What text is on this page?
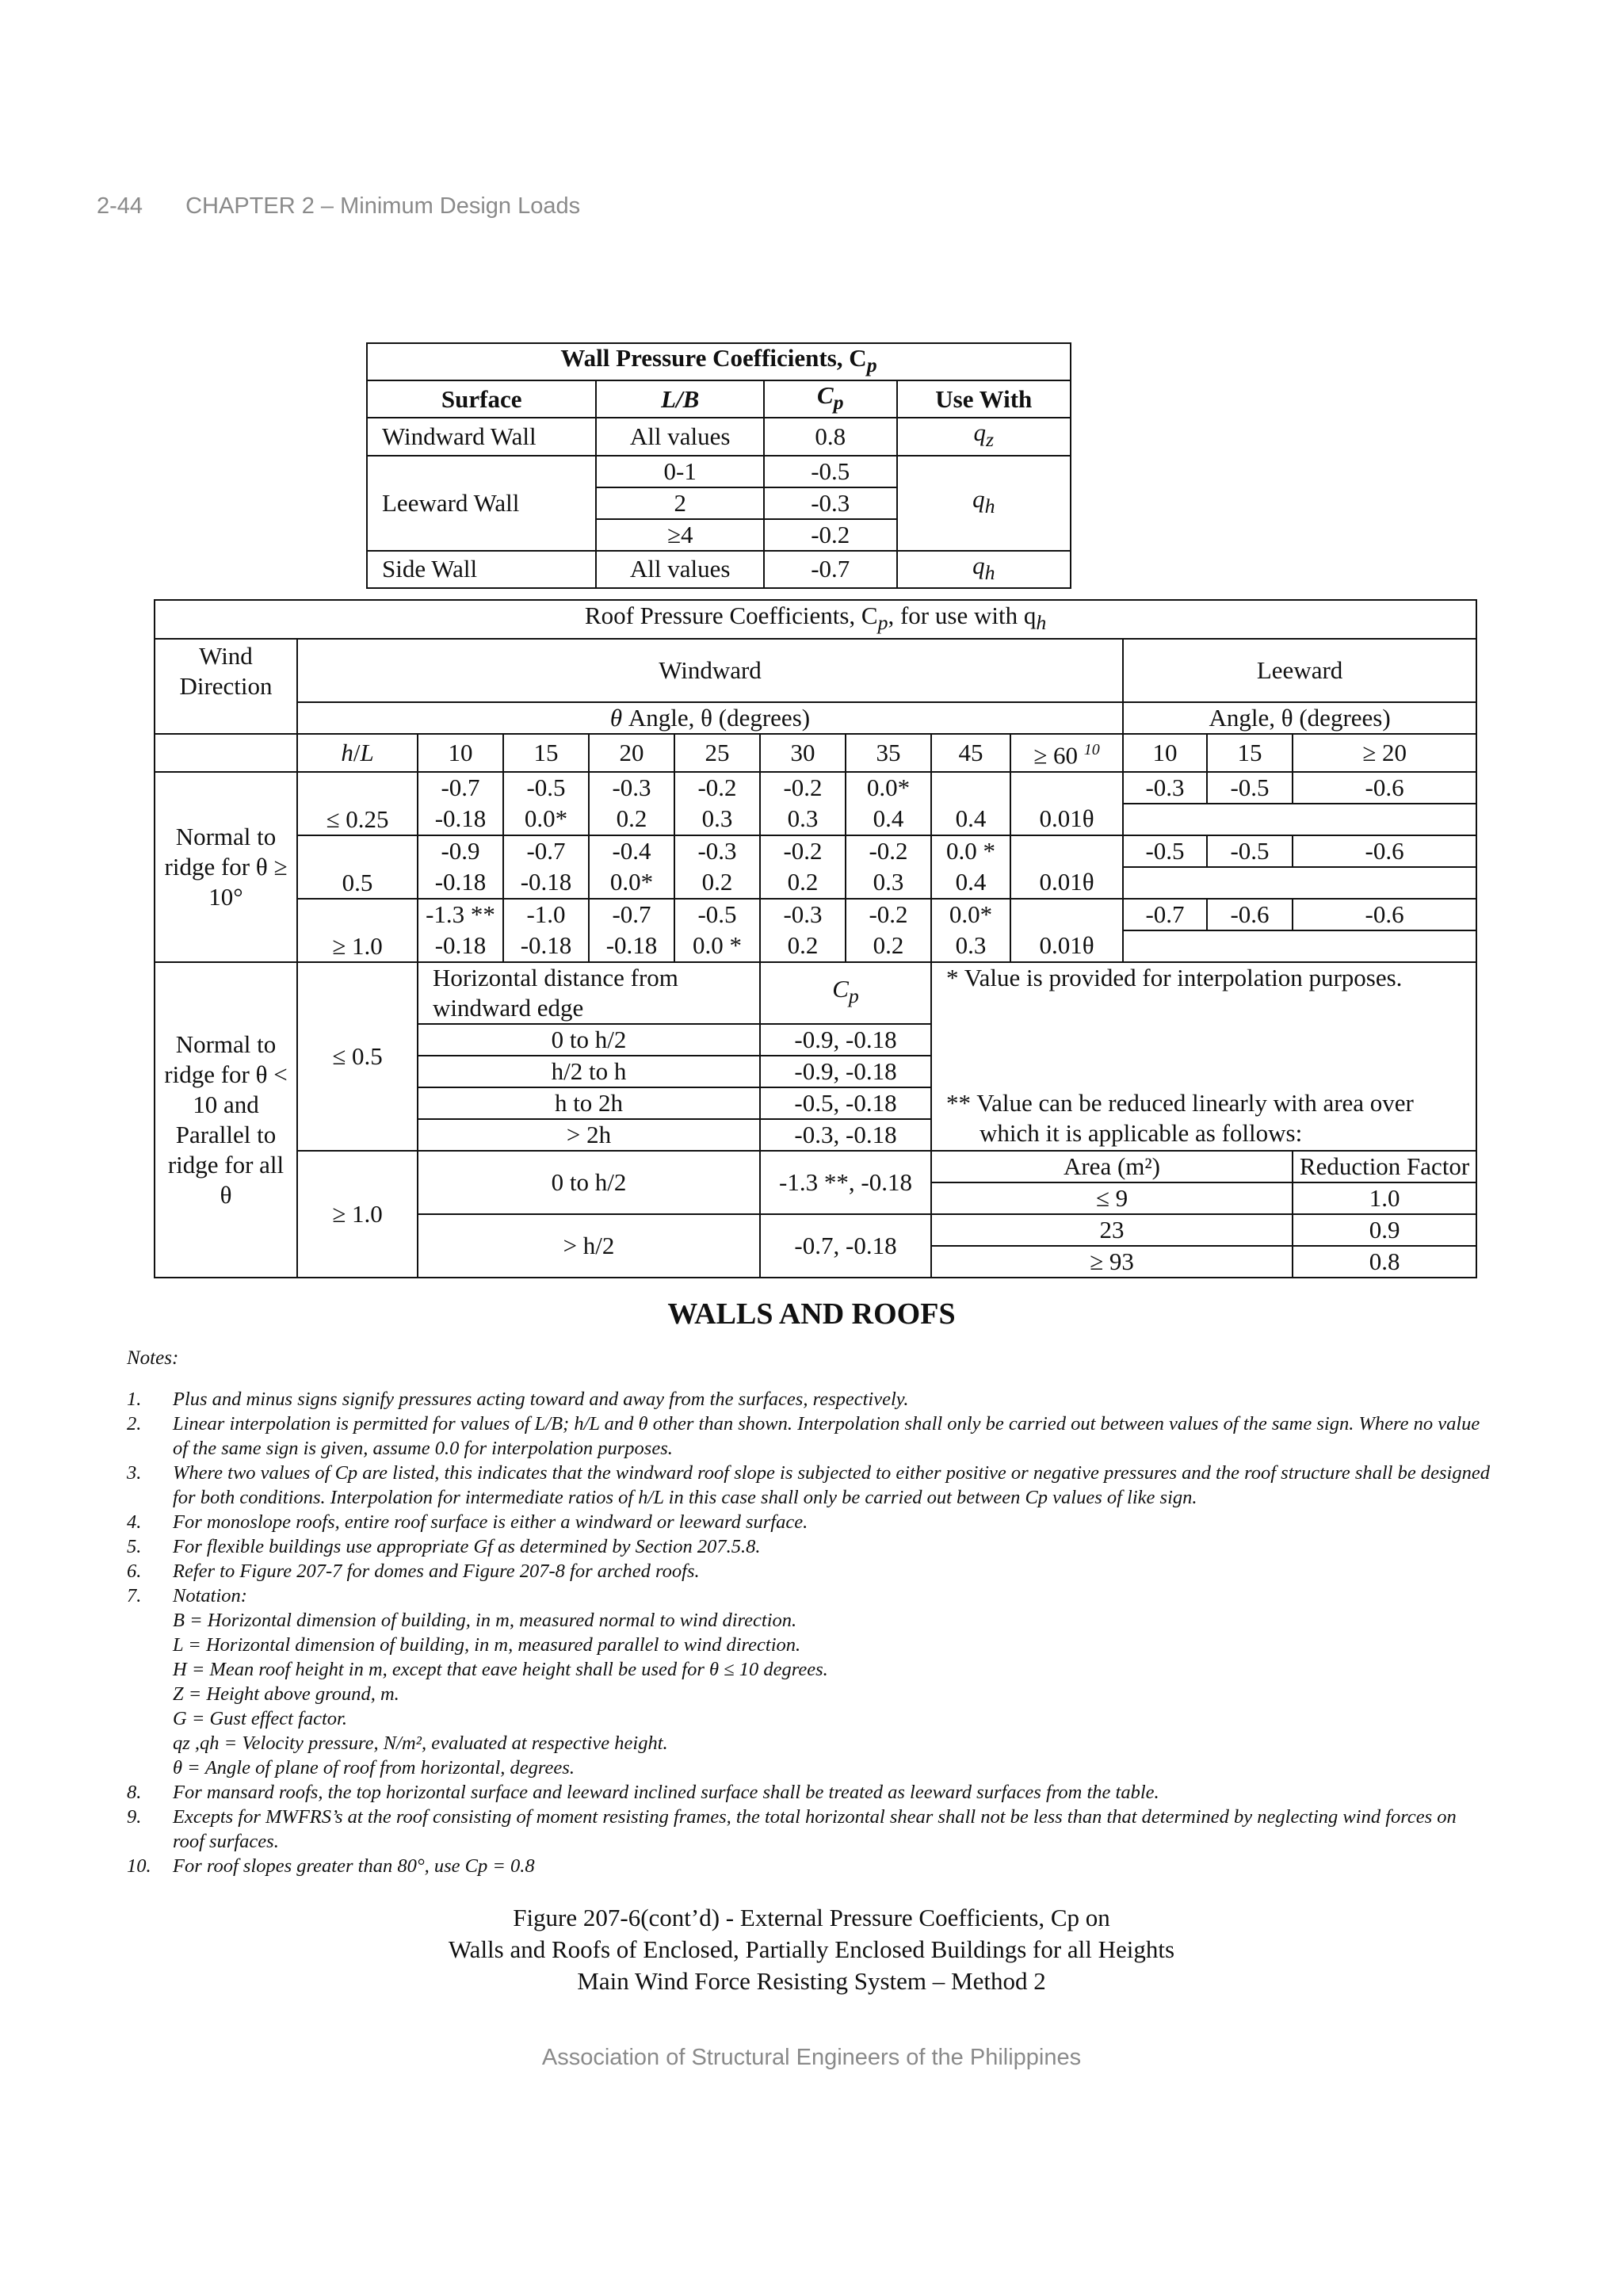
2-44 CHAPTER 2 – Minimum Design Loads
Wall Pressure Coefficients, $C_p$
Surface	L/B	$C_p$	Use With
Windward Wall	All values	0.8	$q_z$
Leeward Wall	0-1	-0.5	$q_h$
	2	-0.3	
	≥4	-0.2	
Side Wall	All values	-0.7	$q_h$
Roof Pressure Coefficients, $C_p$, for use with $q_h$
Wind Direction	Windward									Leeward		

	θ Angle, θ (degrees)									Angle, θ (degrees)		
	h/L	10	15	20	25	30	35	45	≥ 60 $^{10}$	10	15	≥ 20
Normal to ridge for θ ≥ 10°	≤ 0.25	-0.7	-0.5	-0.3	-0.2	-0.2	0.0*			-0.3	-0.5	-0.6
		-0.18	0.0*	0.2	0.3	0.3	0.4	0.4	0.01θ			
	0.5	-0.9	-0.7	-0.4	-0.3	-0.2	-0.2	0.0 *		-0.5	-0.5	-0.6
		-0.18	-0.18	0.0*	0.2	0.2	0.3	0.4	0.01θ			
	≥ 1.0	-1.3 **	-1.0	-0.7	-0.5	-0.3	-0.2	0.0*		-0.7	-0.6	-0.6
		-0.18	-0.18	-0.18	0.0 *	0.2	0.2	0.3	0.01θ			
Normal to ridge for θ < 10 and Parallel to ridge for all θ	≤ 0.5	Horizontal distance from windward edge				$C_p$		* Value is provided for interpolation purposes.
** Value can be reduced linearly with area over
which it is applicable as follows:				

		0 to h/2				-0.9, -0.18						
		h/2 to h				-0.9, -0.18						
		h to 2h				-0.5, -0.18						
		> 2h				-0.3, -0.18						
	≥ 1.0	0 to h/2				-1.3 **, -0.18		Area (m²)				Reduction Factor
								≤ 9				1.0
		> h/2				-0.7, -0.18		23				0.9
								≥ 93				0.8

WALLS AND ROOFS
Notes:
1.	Plus and minus signs signify pressures acting toward and away from the surfaces, respectively.
2.	Linear interpolation is permitted for values of L/B; h/L and θ other than shown. Interpolation shall only be carried out between values of the same sign. Where no value of the same sign is given, assume 0.0 for interpolation purposes.
3.	Where two values of Cp are listed, this indicates that the windward roof slope is subjected to either positive or negative pressures and the roof structure shall be designed for both conditions. Interpolation for intermediate ratios of h/L in this case shall only be carried out between Cp values of like sign.
4.	For monoslope roofs, entire roof surface is either a windward or leeward surface.
5.	For flexible buildings use appropriate Gf as determined by Section 207.5.8.
6.	Refer to Figure 207-7 for domes and Figure 207-8 for arched roofs.
7.	Notation:
B = Horizontal dimension of building, in m, measured normal to wind direction.
L = Horizontal dimension of building, in m, measured parallel to wind direction.
H = Mean roof height in m, except that eave height shall be used for θ ≤ 10 degrees.
Z = Height above ground, m.
G = Gust effect factor.
qz ,qh = Velocity pressure, N/m², evaluated at respective height.
θ = Angle of plane of roof from horizontal, degrees.
8.	For mansard roofs, the top horizontal surface and leeward inclined surface shall be treated as leeward surfaces from the table.
9.	Excepts for MWFRS’s at the roof consisting of moment resisting frames, the total horizontal shear shall not be less than that determined by neglecting wind forces on roof surfaces.
10.	For roof slopes greater than 80°, use Cp = 0.8
Figure 207-6(cont’d) - External Pressure Coefficients, Cp on
Walls and Roofs of Enclosed, Partially Enclosed Buildings for all Heights
Main Wind Force Resisting System – Method 2
Association of Structural Engineers of the Philippines
